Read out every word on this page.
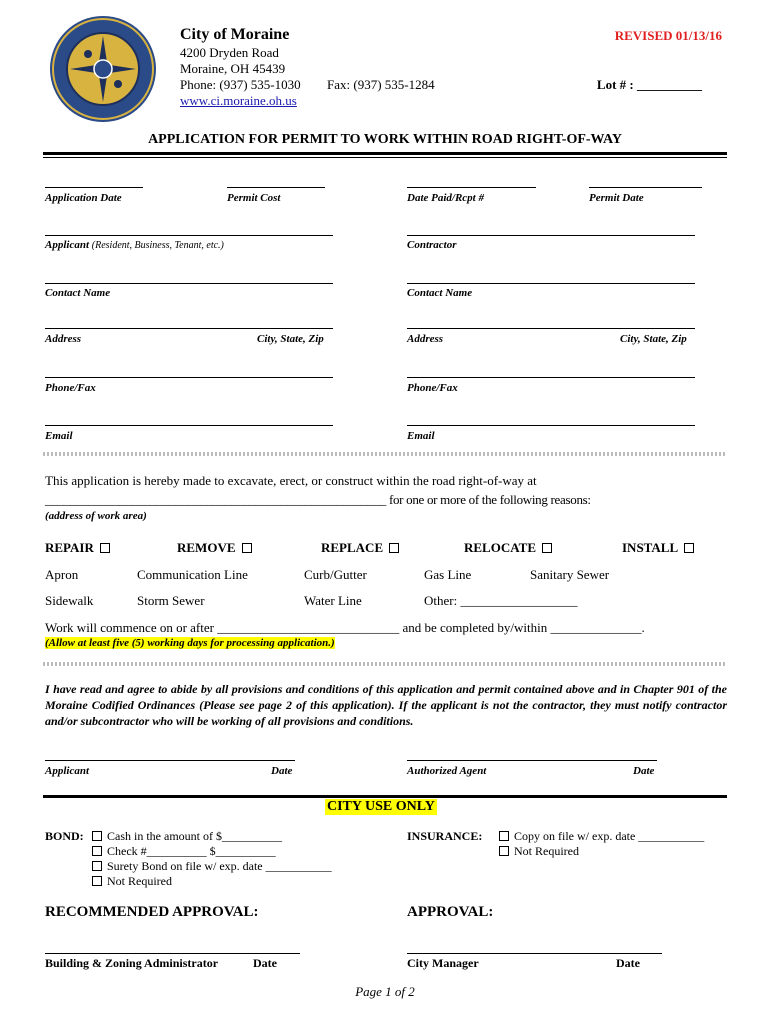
City of Moraine
4200 Dryden Road
Moraine, OH 45439
Phone: (937) 535-1030 Fax: (937) 535-1284
www.ci.moraine.oh.us
REVISED 01/13/16
Lot # : __________
APPLICATION FOR PERMIT TO WORK WITHIN ROAD RIGHT-OF-WAY
Application Date	Permit Cost	Date Paid/Rcpt #	Permit Date
Applicant (Resident, Business, Tenant, etc.)
Contact Name
Address	City, State, Zip
Phone/Fax
Email
Contractor
Contact Name
Address	City, State, Zip
Phone/Fax
Email
This application is hereby made to excavate, erect, or construct within the road right-of-way at
_______________________________________________________ for one or more of the following reasons:
(address of work area)
REPAIR	REMOVE	REPLACE	RELOCATE	INSTALL
Apron	Communication Line	Curb/Gutter	Gas Line	Sanitary Sewer
Sidewalk	Storm Sewer	Water Line	Other: __________________
Work will commence on or after ____________________________ and be completed by/within ______________.
(Allow at least five (5) working days for processing application.)
I have read and agree to abide by all provisions and conditions of this application and permit contained above and in Chapter 901 of the Moraine Codified Ordinances (Please see page 2 of this application). If the applicant is not the contractor, they must notify contractor and/or subcontractor who will be working of all provisions and conditions.
Applicant	Date	Authorized Agent	Date
CITY USE ONLY
BOND:	Cash in the amount of $__________
Check #__________ $__________
Surety Bond on file w/ exp. date ___________
Not Required
INSURANCE:	Copy on file w/ exp. date ___________
Not Required
RECOMMENDED APPROVAL:	APPROVAL:
Building & Zoning Administrator	Date	City Manager	Date
Page 1 of 2
